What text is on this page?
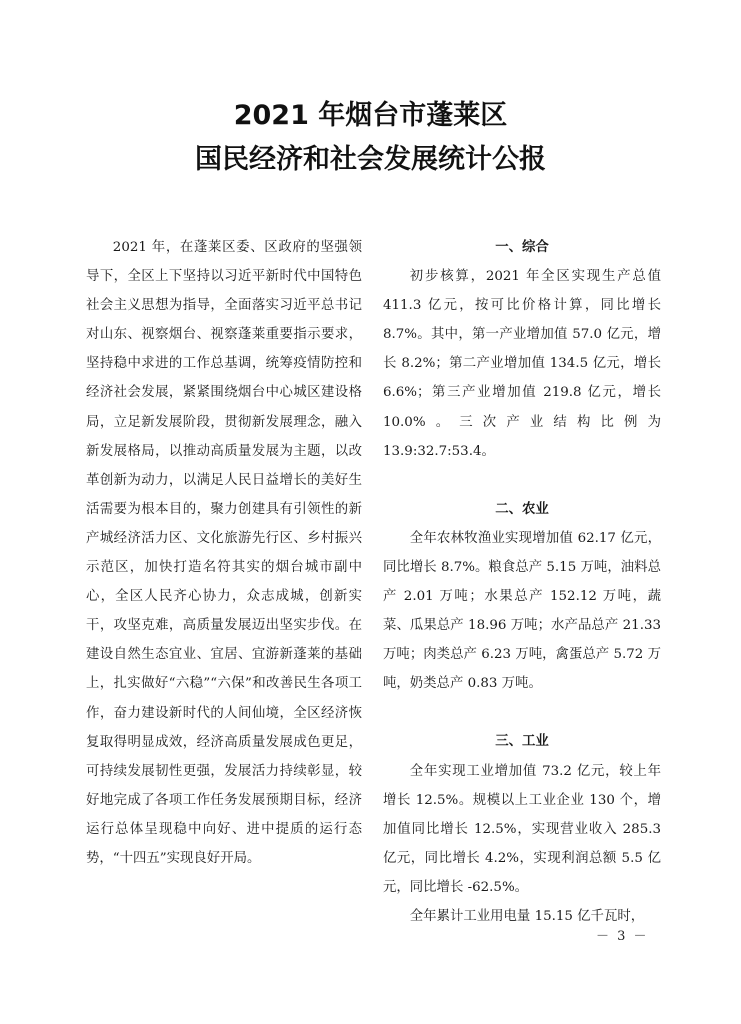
2021 年烟台市蓬莱区
国民经济和社会发展统计公报

2021 年，在蓬莱区委、区政府的坚强领导下，全区上下坚持以习近平新时代中国特色社会主义思想为指导，全面落实习近平总书记对山东、视察烟台、视察蓬莱重要指示要求，坚持稳中求进的工作总基调，统筹疫情防控和经济社会发展，紧紧围绕烟台中心城区建设格局，立足新发展阶段，贯彻新发展理念，融入新发展格局，以推动高质量发展为主题，以改革创新为动力，以满足人民日益增长的美好生活需要为根本目的，聚力创建具有引领性的新产城经济活力区、文化旅游先行区、乡村振兴示范区，加快打造名符其实的烟台城市副中心，全区人民齐心协力，众志成城，创新实干，攻坚克难，高质量发展迈出坚实步伐。在建设自然生态宜业、宜居、宜游新蓬莱的基础上，扎实做好“六稳”“六保”和改善民生各项工作，奋力建设新时代的人间仙境，全区经济恢复取得明显成效，经济高质量发展成色更足，可持续发展韧性更强，发展活力持续彰显，较好地完成了各项工作任务发展预期目标，经济运行总体呈现稳中向好、进中提质的运行态势，“十四五”实现良好开局。

一、综合

初步核算，2021 年全区实现生产总值 411.3 亿元，按可比价格计算，同比增长 8.7%。其中，第一产业增加值 57.0 亿元，增长 8.2%；第二产业增加值 134.5 亿元，增长 6.6%；第三产业增加值 219.8 亿元，增长 10.0%。三次产业结构比例为 13.9:32.7:53.4。

二、农业

全年农林牧渔业实现增加值 62.17 亿元，同比增长 8.7%。粮食总产 5.15 万吨，油料总产 2.01 万吨；水果总产 152.12 万吨，蔬菜、瓜果总产 18.96 万吨；水产品总产 21.33 万吨；肉类总产 6.23 万吨，禽蛋总产 5.72 万吨，奶类总产 0.83 万吨。

三、工业

全年实现工业增加值 73.2 亿元，较上年增长 12.5%。规模以上工业企业 130 个，增加值同比增长 12.5%，实现营业收入 285.3 亿元，同比增长 4.2%，实现利润总额 5.5 亿元，同比增长 -62.5%。

全年累计工业用电量 15.15 亿千瓦时，

－ 3 －
